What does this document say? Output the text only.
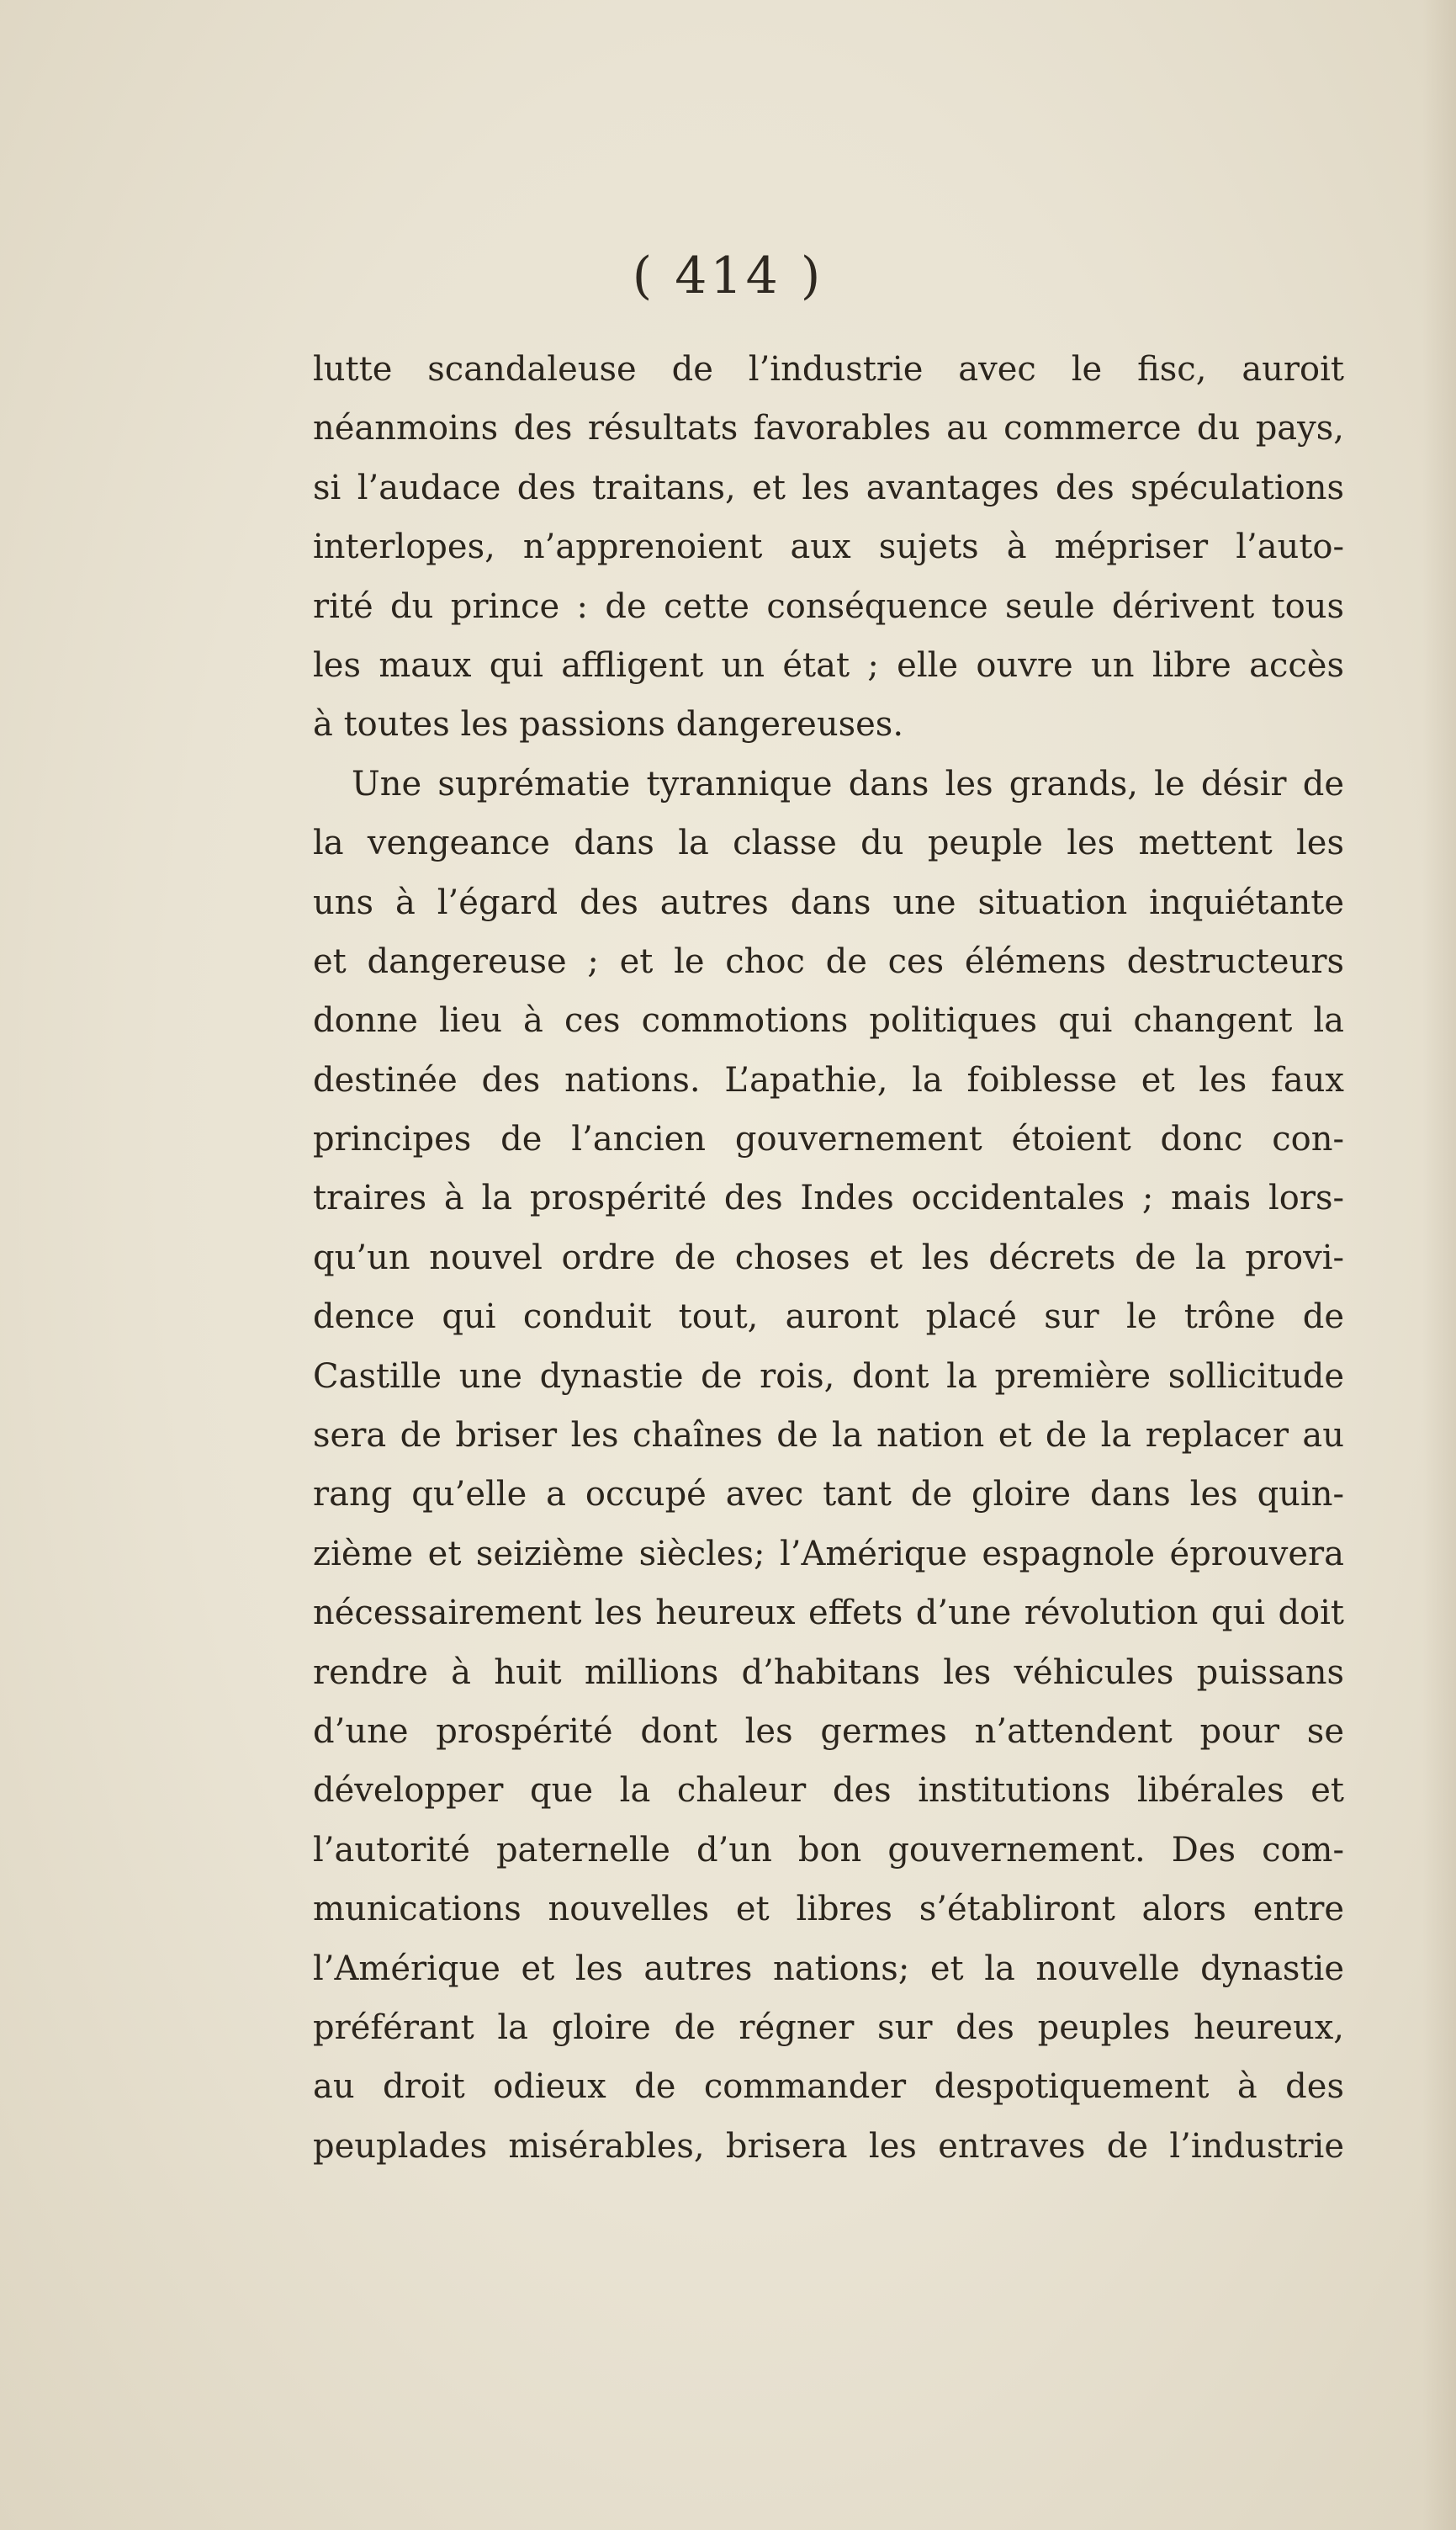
( 414 )
lutte scandaleuse de l’industrie avec le fisc, auroit
néanmoins des résultats favorables au commerce du pays,
si l’audace des traitans, et les avantages des spéculations
interlopes, n’apprenoient aux sujets à mépriser l’auto-
rité du prince : de cette conséquence seule dérivent tous
les maux qui affligent un état ; elle ouvre un libre accès
à toutes les passions dangereuses.
Une suprématie tyrannique dans les grands, le désir de
la vengeance dans la classe du peuple les mettent les
uns à l’égard des autres dans une situation inquiétante
et dangereuse ; et le choc de ces élémens destructeurs
donne lieu à ces commotions politiques qui changent la
destinée des nations. L’apathie, la foiblesse et les faux
principes de l’ancien gouvernement étoient donc con-
traires à la prospérité des Indes occidentales ; mais lors-
qu’un nouvel ordre de choses et les décrets de la provi-
dence qui conduit tout, auront placé sur le trône de
Castille une dynastie de rois, dont la première sollicitude
sera de briser les chaînes de la nation et de la replacer au
rang qu’elle a occupé avec tant de gloire dans les quin-
zième et seizième siècles; l’Amérique espagnole éprouvera
nécessairement les heureux effets d’une révolution qui doit
rendre à huit millions d’habitans les véhicules puissans
d’une prospérité dont les germes n’attendent pour se
développer que la chaleur des institutions libérales et
l’autorité paternelle d’un bon gouvernement. Des com-
munications nouvelles et libres s’établiront alors entre
l’Amérique et les autres nations; et la nouvelle dynastie
préférant la gloire de régner sur des peuples heureux,
au droit odieux de commander despotiquement à des
peuplades misérables, brisera les entraves de l’industrie
